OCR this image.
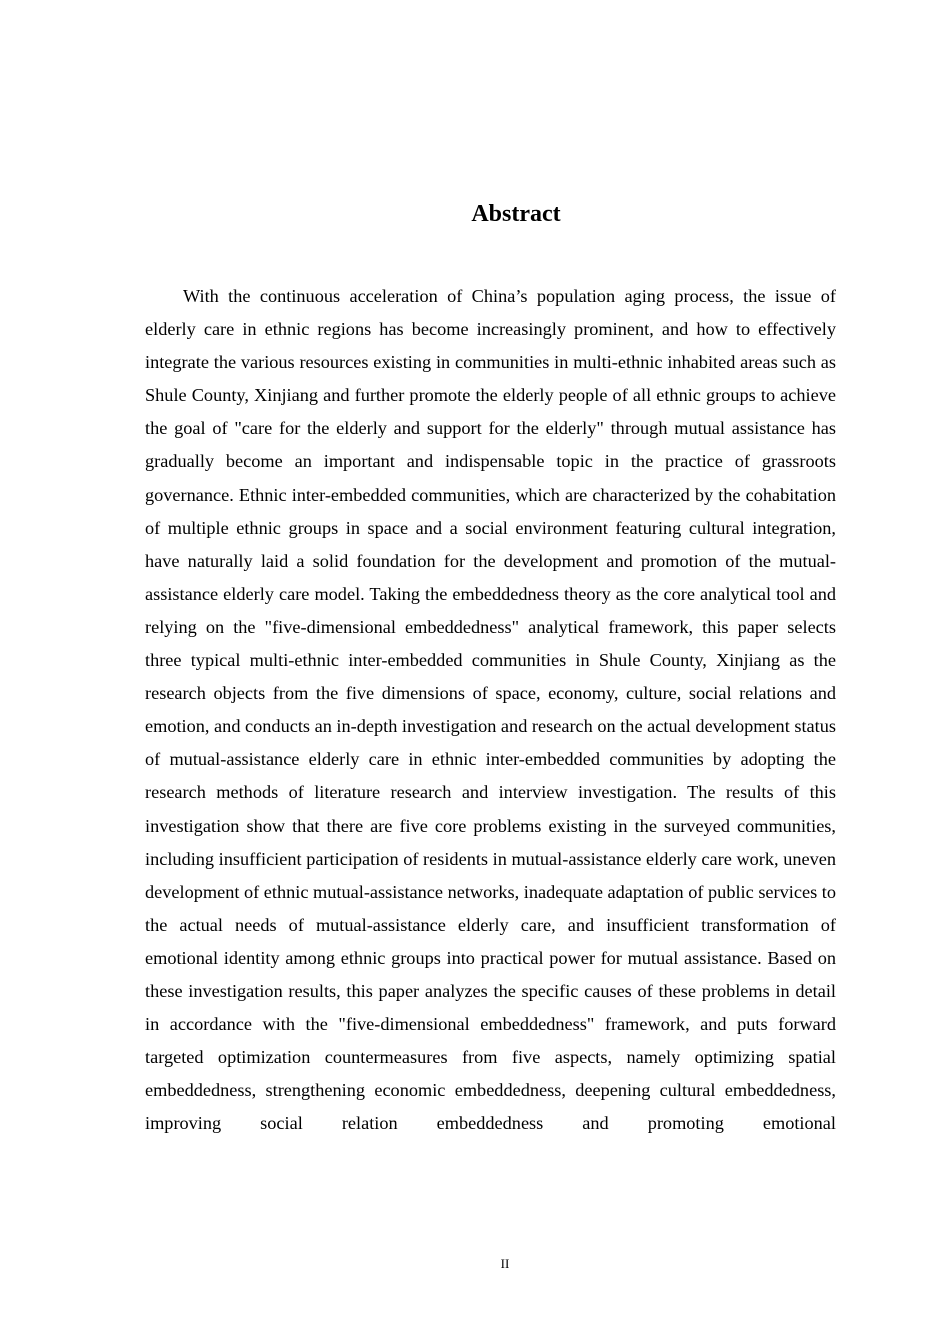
Abstract

With the continuous acceleration of China’s population aging process, the issue of elderly care in ethnic regions has become increasingly prominent, and how to effectively integrate the various resources existing in communities in multi-ethnic inhabited areas such as Shule County, Xinjiang and further promote the elderly people of all ethnic groups to achieve the goal of "care for the elderly and support for the elderly" through mutual assistance has gradually become an important and indispensable topic in the practice of grassroots governance. Ethnic inter-embedded communities, which are characterized by the cohabitation of multiple ethnic groups in space and a social environment featuring cultural integration, have naturally laid a solid foundation for the development and promotion of the mutual-assistance elderly care model. Taking the embeddedness theory as the core analytical tool and relying on the "five-dimensional embeddedness" analytical framework, this paper selects three typical multi-ethnic inter-embedded communities in Shule County, Xinjiang as the research objects from the five dimensions of space, economy, culture, social relations and emotion, and conducts an in-depth investigation and research on the actual development status of mutual-assistance elderly care in ethnic inter-embedded communities by adopting the research methods of literature research and interview investigation. The results of this investigation show that there are five core problems existing in the surveyed communities, including insufficient participation of residents in mutual-assistance elderly care work, uneven development of ethnic mutual-assistance networks, inadequate adaptation of public services to the actual needs of mutual-assistance elderly care, and insufficient transformation of emotional identity among ethnic groups into practical power for mutual assistance. Based on these investigation results, this paper analyzes the specific causes of these problems in detail in accordance with the "five-dimensional embeddedness" framework, and puts forward targeted optimization countermeasures from five aspects, namely optimizing spatial embeddedness, strengthening economic embeddedness, deepening cultural embeddedness, improving social relation embeddedness and promoting emotional

II
